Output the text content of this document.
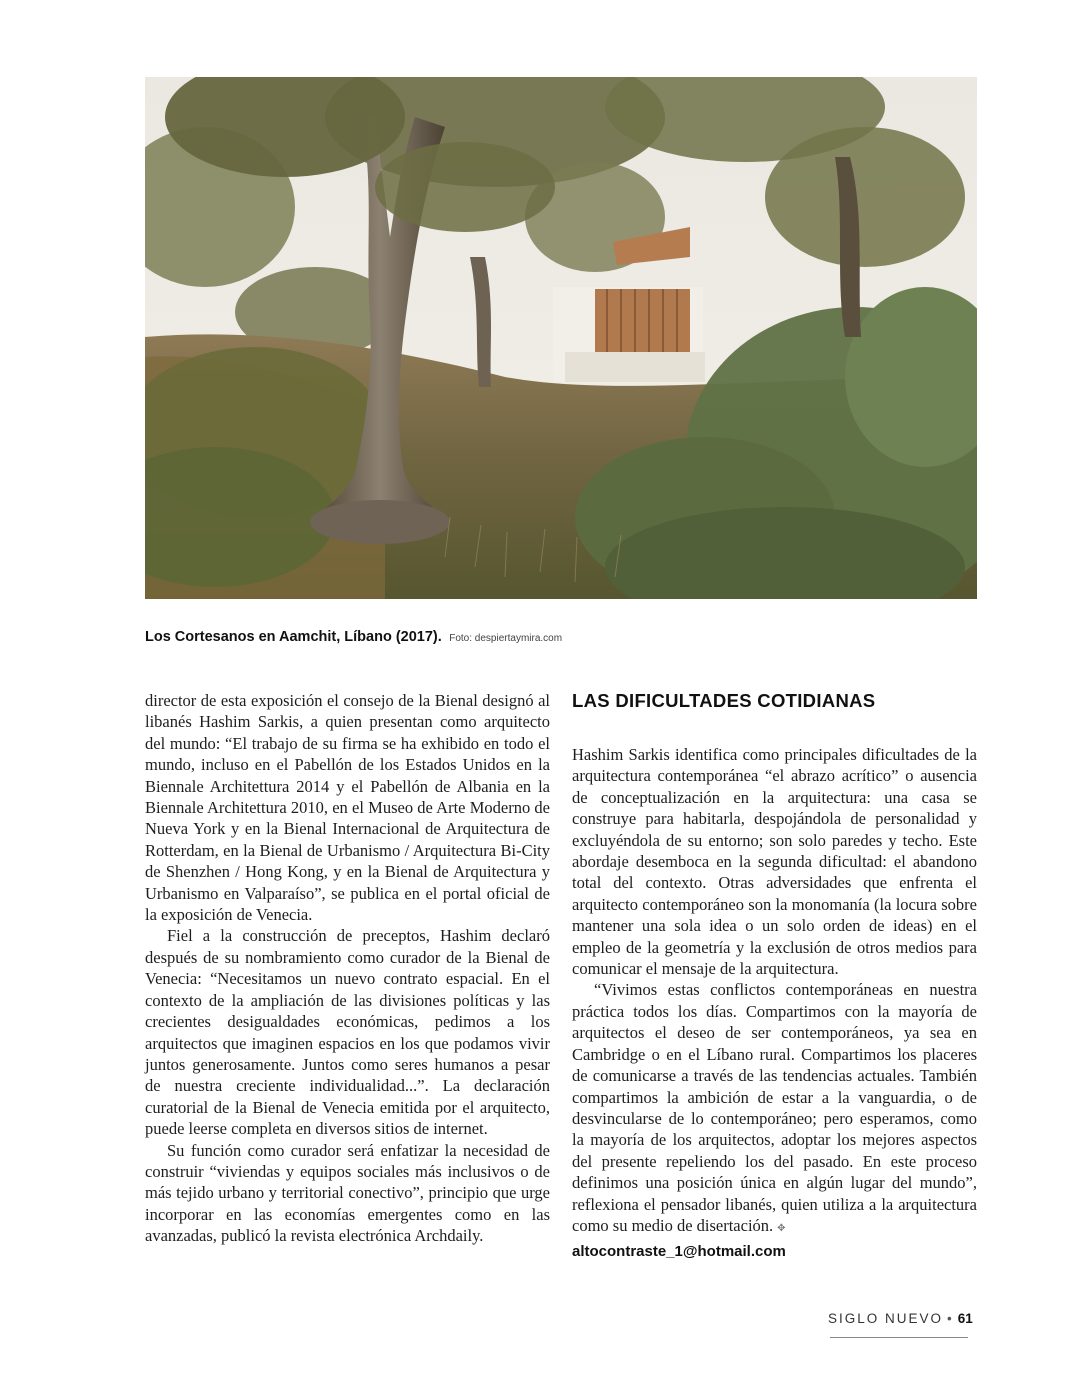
Los Cortesanos en Aamchit, Líbano (2017). Foto: despiertaymira.com

director de esta exposición el consejo de la Bienal designó al libanés Hashim Sarkis, a quien presentan como arquitecto del mundo: “El trabajo de su firma se ha exhibido en todo el mundo, incluso en el Pabellón de los Estados Unidos en la Biennale Architettura 2014 y el Pabellón de Albania en la Biennale Architettura 2010, en el Museo de Arte Moderno de Nueva York y en la Bienal Internacional de Arquitectura de Rotterdam, en la Bienal de Urbanismo / Arquitectura Bi-City de Shenzhen / Hong Kong, y en la Bienal de Arquitectura y Urbanismo en Valparaíso”, se publica en el portal oficial de la exposición de Venecia.

Fiel a la construcción de preceptos, Hashim declaró después de su nombramiento como curador de la Bienal de Venecia: “Necesitamos un nuevo contrato espacial. En el contexto de la ampliación de las divisiones políticas y las crecientes desigualdades económicas, pedimos a los arquitectos que imaginen espacios en los que podamos vivir juntos generosamente. Juntos como seres humanos a pesar de nuestra creciente individualidad...”. La declaración curatorial de la Bienal de Venecia emitida por el arquitecto, puede leerse completa en diversos sitios de internet.

Su función como curador será enfatizar la necesidad de construir “viviendas y equipos sociales más inclusivos o de más tejido urbano y territorial conectivo”, principio que urge incorporar en las economías emergentes como en las avanzadas, publicó la revista electrónica Archdaily.

LAS DIFICULTADES COTIDIANAS

Hashim Sarkis identifica como principales dificultades de la arquitectura contemporánea “el abrazo acrítico” o ausencia de conceptualización en la arquitectura: una casa se construye para habitarla, despojándola de personalidad y excluyéndola de su entorno; son solo paredes y techo. Este abordaje desemboca en la segunda dificultad: el abandono total del contexto. Otras adversidades que enfrenta el arquitecto contemporáneo son la monomanía (la locura sobre mantener una sola idea o un solo orden de ideas) en el empleo de la geometría y la exclusión de otros medios para comunicar el mensaje de la arquitectura.

“Vivimos estas conflictos contemporáneas en nuestra práctica todos los días. Compartimos con la mayoría de arquitectos el deseo de ser contemporáneos, ya sea en Cambridge o en el Líbano rural. Compartimos los placeres de comunicarse a través de las tendencias actuales. También compartimos la ambición de estar a la vanguardia, o de desvincularse de lo contemporáneo; pero esperamos, como la mayoría de los arquitectos, adoptar los mejores aspectos del presente repeliendo los del pasado. En este proceso definimos una posición única en algún lugar del mundo”, reflexiona el pensador libanés, quien utiliza a la arquitectura como su medio de disertación. ✥

altocontraste_1@hotmail.com
SIGLO NUEVO • 61
